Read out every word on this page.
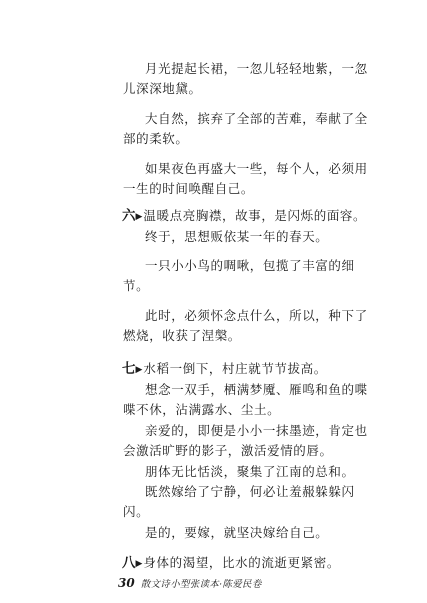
月光提起长裙，一忽儿轻轻地紫，一忽
儿深深地黛。
大自然，摈弃了全部的苦难，奉献了全
部的柔软。
如果夜色再盛大一些，每个人，必须用
一生的时间唤醒自己。
六▶温暖点亮胸襟，故事，是闪烁的面容。
终于，思想贩依某一年的春天。
一只小小鸟的啁啾，包揽了丰富的细
节。
此时，必须怀念点什么，所以，种下了
燃烧，收获了涅槃。
七▶水稻一倒下，村庄就节节拔高。
想念一双手，栖满梦魇、雁鸣和鱼的喋
喋不休，沾满露水、尘土。
亲爱的，即便是小小一抹墨迹，肯定也
会激活旷野的影子，激活爱情的唇。
朋体无比恬淡，聚集了江南的总和。
既然嫁给了宁静，何必让羞赧躲躲闪
闪。
是的，要嫁，就坚决嫁给自己。
八▶身体的渴望，比水的流逝更紧密。
30 散文诗小型张读本·陈爱民卷
